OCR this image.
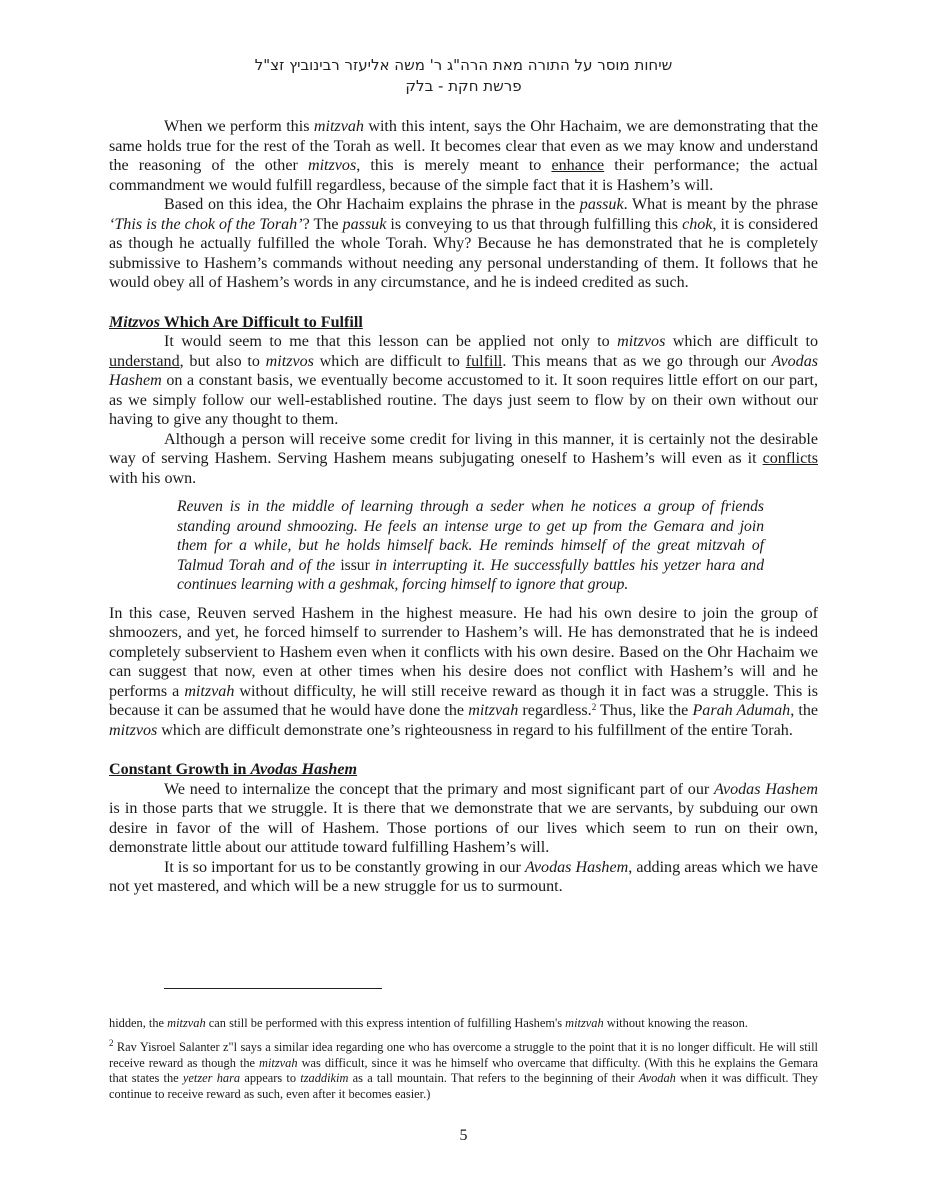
שיחות מוסר על התורה מאת הרה"ג ר' משה אליעזר רבינוביץ זצ"ל
פרשת חקת - בלק

When we perform this mitzvah with this intent, says the Ohr Hachaim, we are demonstrating that the same holds true for the rest of the Torah as well. It becomes clear that even as we may know and understand the reasoning of the other mitzvos, this is merely meant to enhance their performance; the actual commandment we would fulfill regardless, because of the simple fact that it is Hashem’s will.

Based on this idea, the Ohr Hachaim explains the phrase in the passuk. What is meant by the phrase ‘This is the chok of the Torah’? The passuk is conveying to us that through fulfilling this chok, it is considered as though he actually fulfilled the whole Torah. Why? Because he has demonstrated that he is completely submissive to Hashem’s commands without needing any personal understanding of them. It follows that he would obey all of Hashem’s words in any circumstance, and he is indeed credited as such.

Mitzvos Which Are Difficult to Fulfill

It would seem to me that this lesson can be applied not only to mitzvos which are difficult to understand, but also to mitzvos which are difficult to fulfill. This means that as we go through our Avodas Hashem on a constant basis, we eventually become accustomed to it. It soon requires little effort on our part, as we simply follow our well-established routine. The days just seem to flow by on their own without our having to give any thought to them.

Although a person will receive some credit for living in this manner, it is certainly not the desirable way of serving Hashem. Serving Hashem means subjugating oneself to Hashem’s will even as it conflicts with his own.

Reuven is in the middle of learning through a seder when he notices a group of friends standing around shmoozing. He feels an intense urge to get up from the Gemara and join them for a while, but he holds himself back. He reminds himself of the great mitzvah of Talmud Torah and of the issur in interrupting it. He successfully battles his yetzer hara and continues learning with a geshmak, forcing himself to ignore that group.

In this case, Reuven served Hashem in the highest measure. He had his own desire to join the group of shmoozers, and yet, he forced himself to surrender to Hashem’s will. He has demonstrated that he is indeed completely subservient to Hashem even when it conflicts with his own desire. Based on the Ohr Hachaim we can suggest that now, even at other times when his desire does not conflict with Hashem’s will and he performs a mitzvah without difficulty, he will still receive reward as though it in fact was a struggle. This is because it can be assumed that he would have done the mitzvah regardless.$^2$ Thus, like the Parah Adumah, the mitzvos which are difficult demonstrate one’s righteousness in regard to his fulfillment of the entire Torah.

Constant Growth in Avodas Hashem

We need to internalize the concept that the primary and most significant part of our Avodas Hashem is in those parts that we struggle. It is there that we demonstrate that we are servants, by subduing our own desire in favor of the will of Hashem. Those portions of our lives which seem to run on their own, demonstrate little about our attitude toward fulfilling Hashem’s will.

It is so important for us to be constantly growing in our Avodas Hashem, adding areas which we have not yet mastered, and which will be a new struggle for us to surmount.

hidden, the mitzvah can still be performed with this express intention of fulfilling Hashem's mitzvah without knowing the reason.

$^2$ Rav Yisroel Salanter z"l says a similar idea regarding one who has overcome a struggle to the point that it is no longer difficult. He will still receive reward as though the mitzvah was difficult, since it was he himself who overcame that difficulty. (With this he explains the Gemara that states the yetzer hara appears to tzaddikim as a tall mountain. That refers to the beginning of their Avodah when it was difficult. They continue to receive reward as such, even after it becomes easier.)

5
